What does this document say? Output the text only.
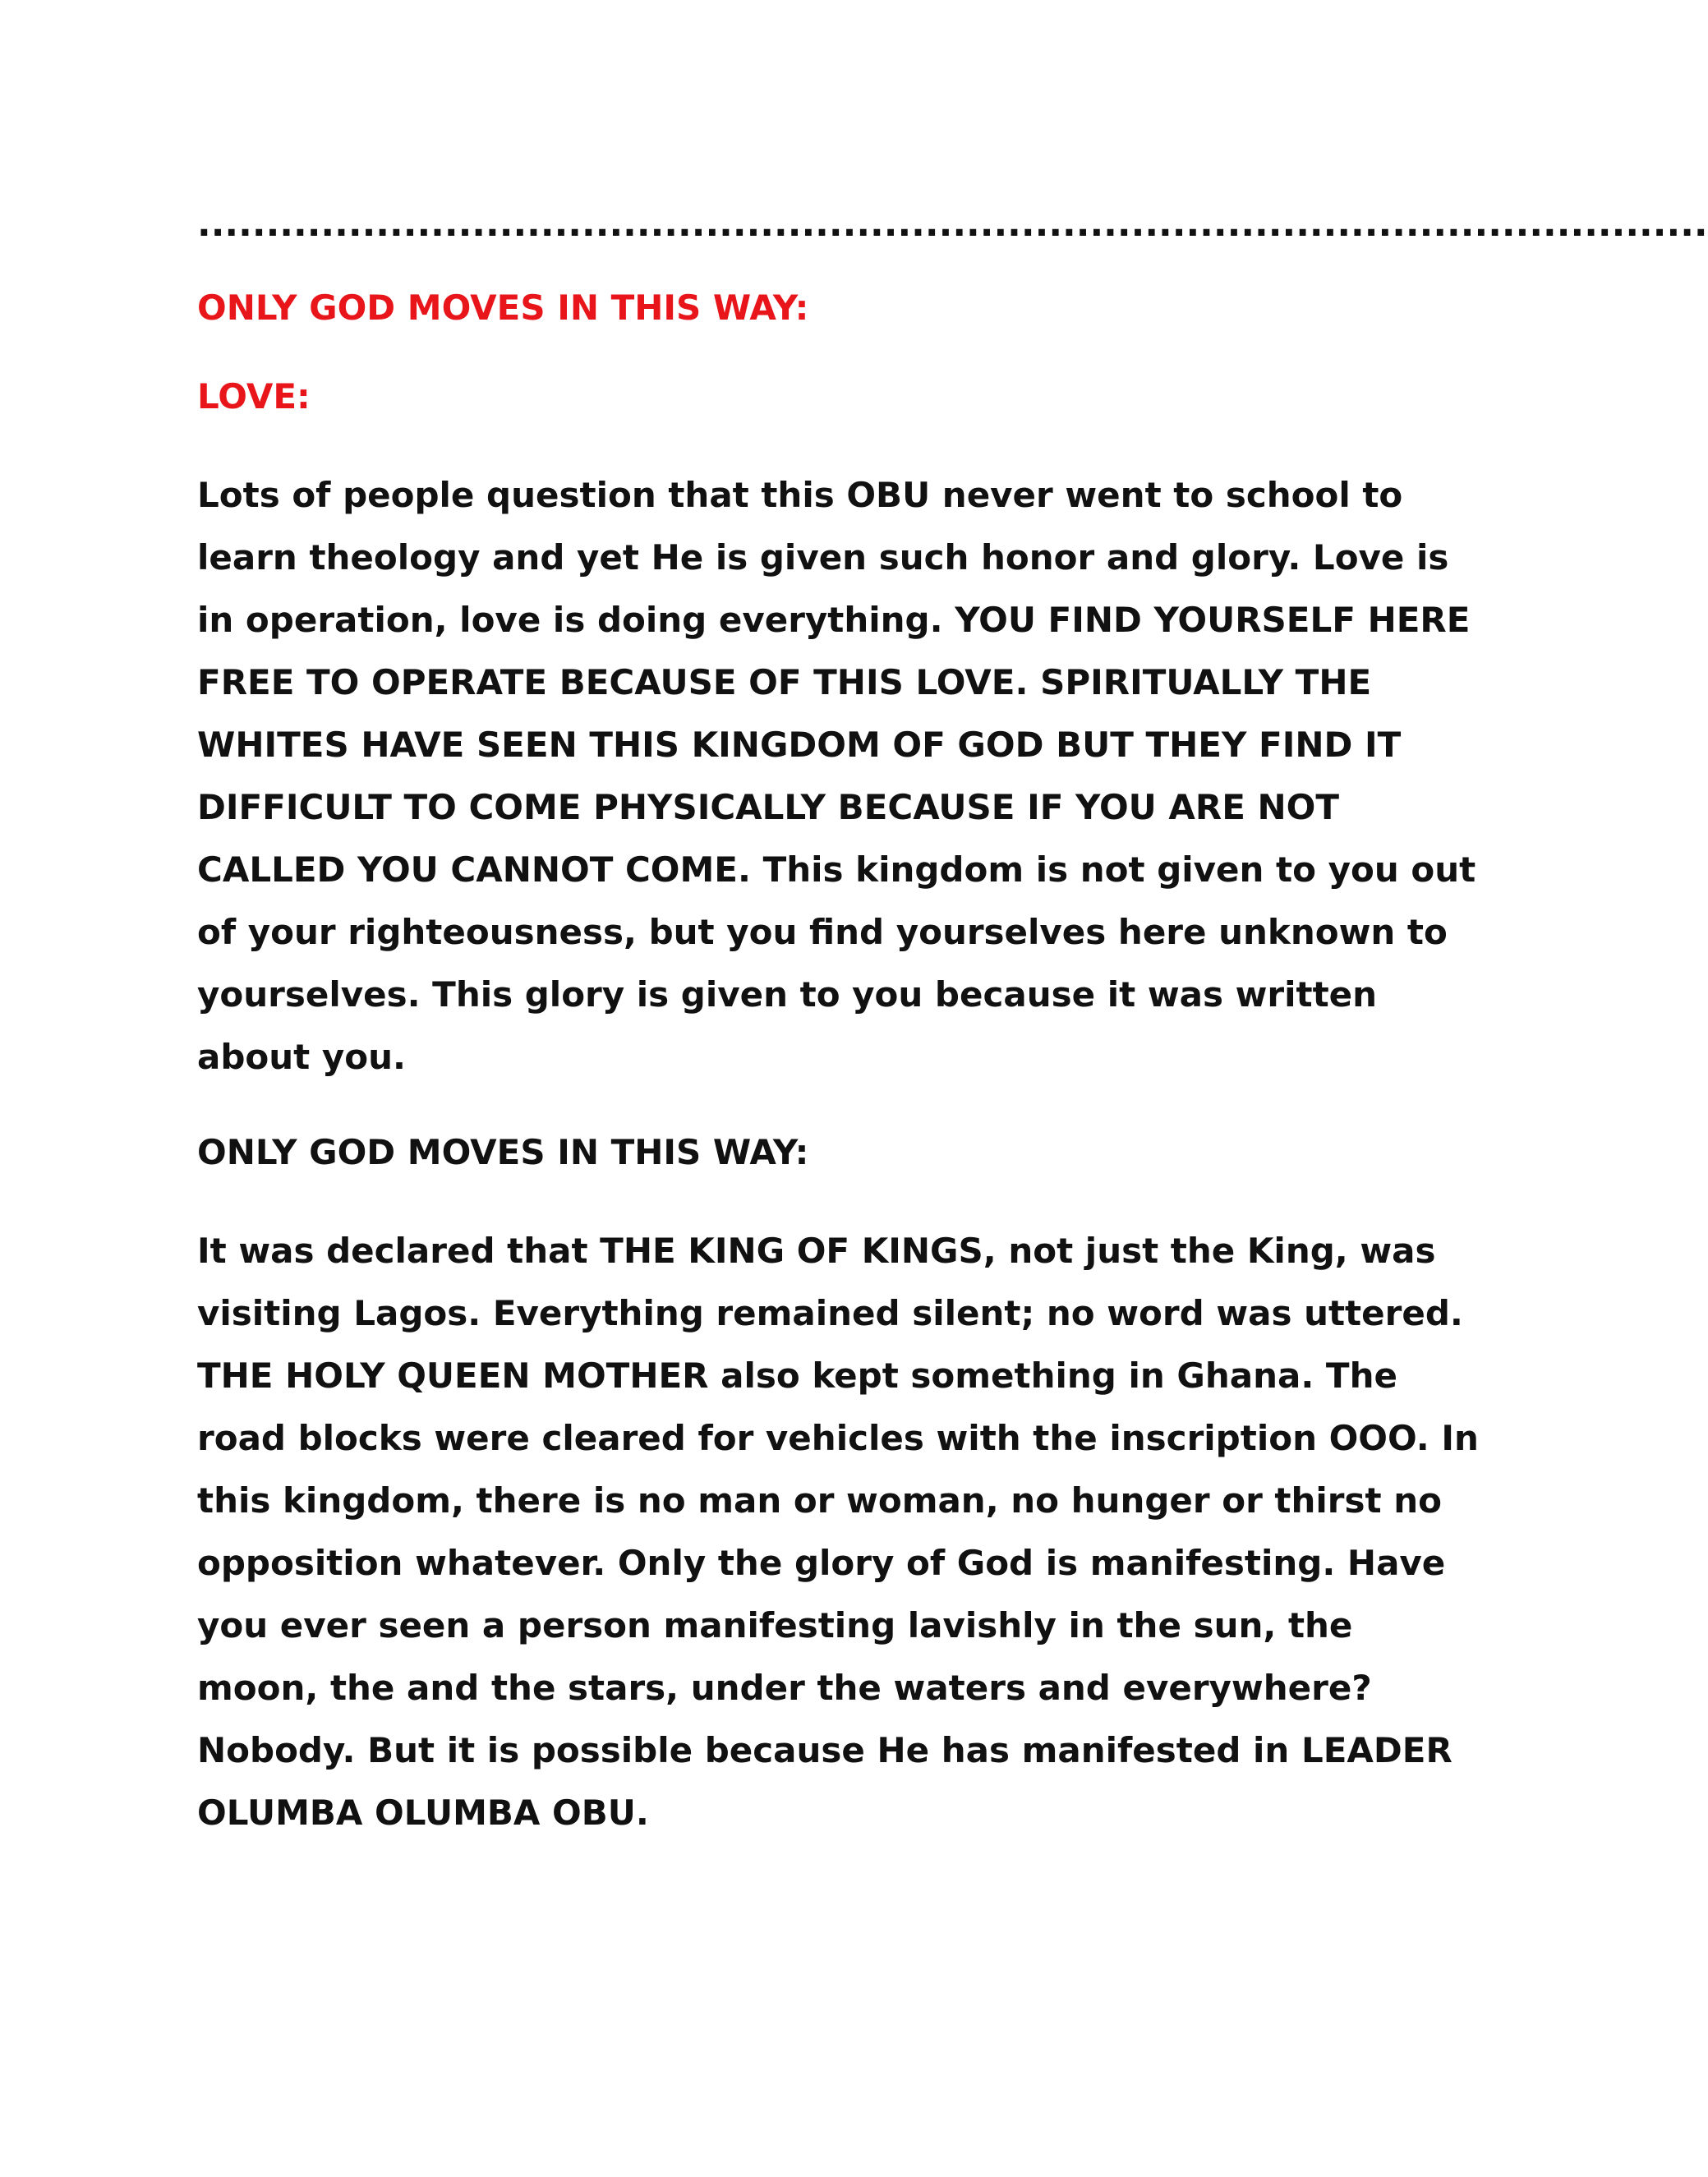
..............................................................................................................

ONLY GOD MOVES IN THIS WAY:

LOVE:

Lots of people question that this OBU never went to school to learn theology and yet He is given such honor and glory. Love is in operation, love is doing everything. YOU FIND YOURSELF HERE FREE TO OPERATE BECAUSE OF THIS LOVE. SPIRITUALLY THE WHITES HAVE SEEN THIS KINGDOM OF GOD BUT THEY FIND IT DIFFICULT TO COME PHYSICALLY BECAUSE IF YOU ARE NOT CALLED YOU CANNOT COME. This kingdom is not given to you out of your righteousness, but you find yourselves here unknown to yourselves. This glory is given to you because it was written about you.

ONLY GOD MOVES IN THIS WAY:

It was declared that THE KING OF KINGS, not just the King, was visiting Lagos. Everything remained silent; no word was uttered. THE HOLY QUEEN MOTHER also kept something in Ghana. The road blocks were cleared for vehicles with the inscription OOO. In this kingdom, there is no man or woman, no hunger or thirst no opposition whatever. Only the glory of God is manifesting. Have you ever seen a person manifesting lavishly in the sun, the moon, the and the stars, under the waters and everywhere? Nobody. But it is possible because He has manifested in LEADER OLUMBA OLUMBA OBU.
